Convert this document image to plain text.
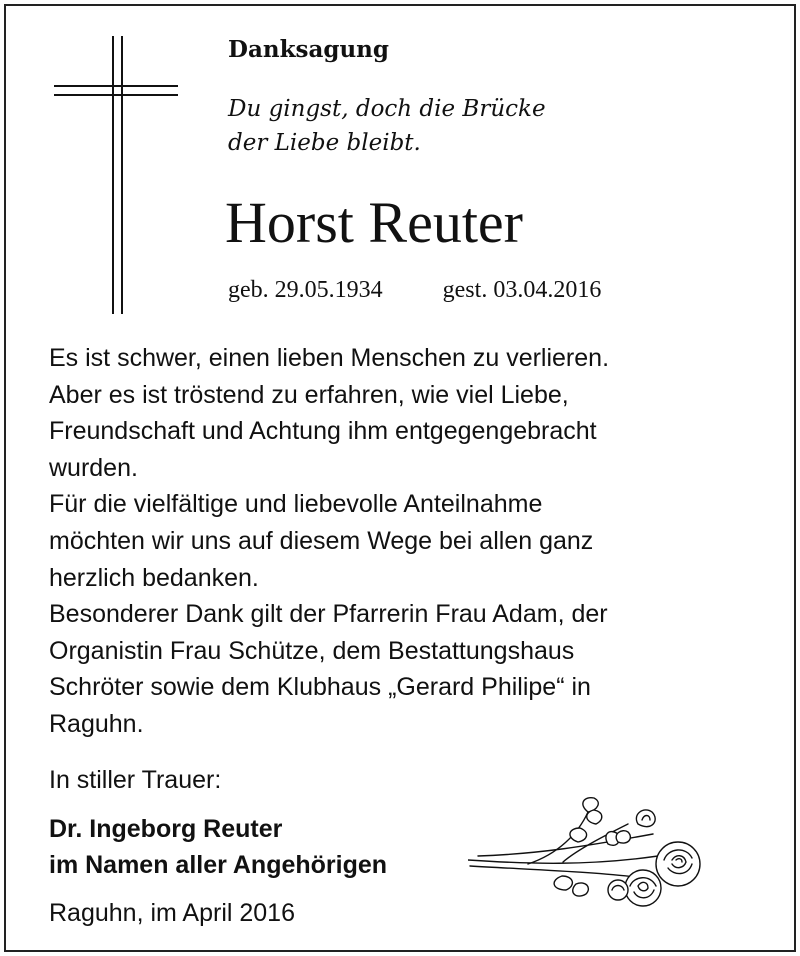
Danksagung
Du gingst, doch die Brücke
der Liebe bleibt.
Horst Reuter
geb. 29.05.1934	gest. 03.04.2016

Es ist schwer, einen lieben Menschen zu verlieren.

Aber es ist tröstend zu erfahren, wie viel Liebe,

Freundschaft und Achtung ihm entgegengebracht

wurden.

Für die vielfältige und liebevolle Anteilnahme

möchten wir uns auf diesem Wege bei allen ganz

herzlich bedanken.

Besonderer Dank gilt der Pfarrerin Frau Adam, der

Organistin Frau Schütze, dem Bestattungshaus

Schröter sowie dem Klubhaus „Gerard Philipe“ in

Raguhn.

In stiller Trauer:
Dr. Ingeborg Reuter
im Namen aller Angehörigen
Raguhn, im April 2016
